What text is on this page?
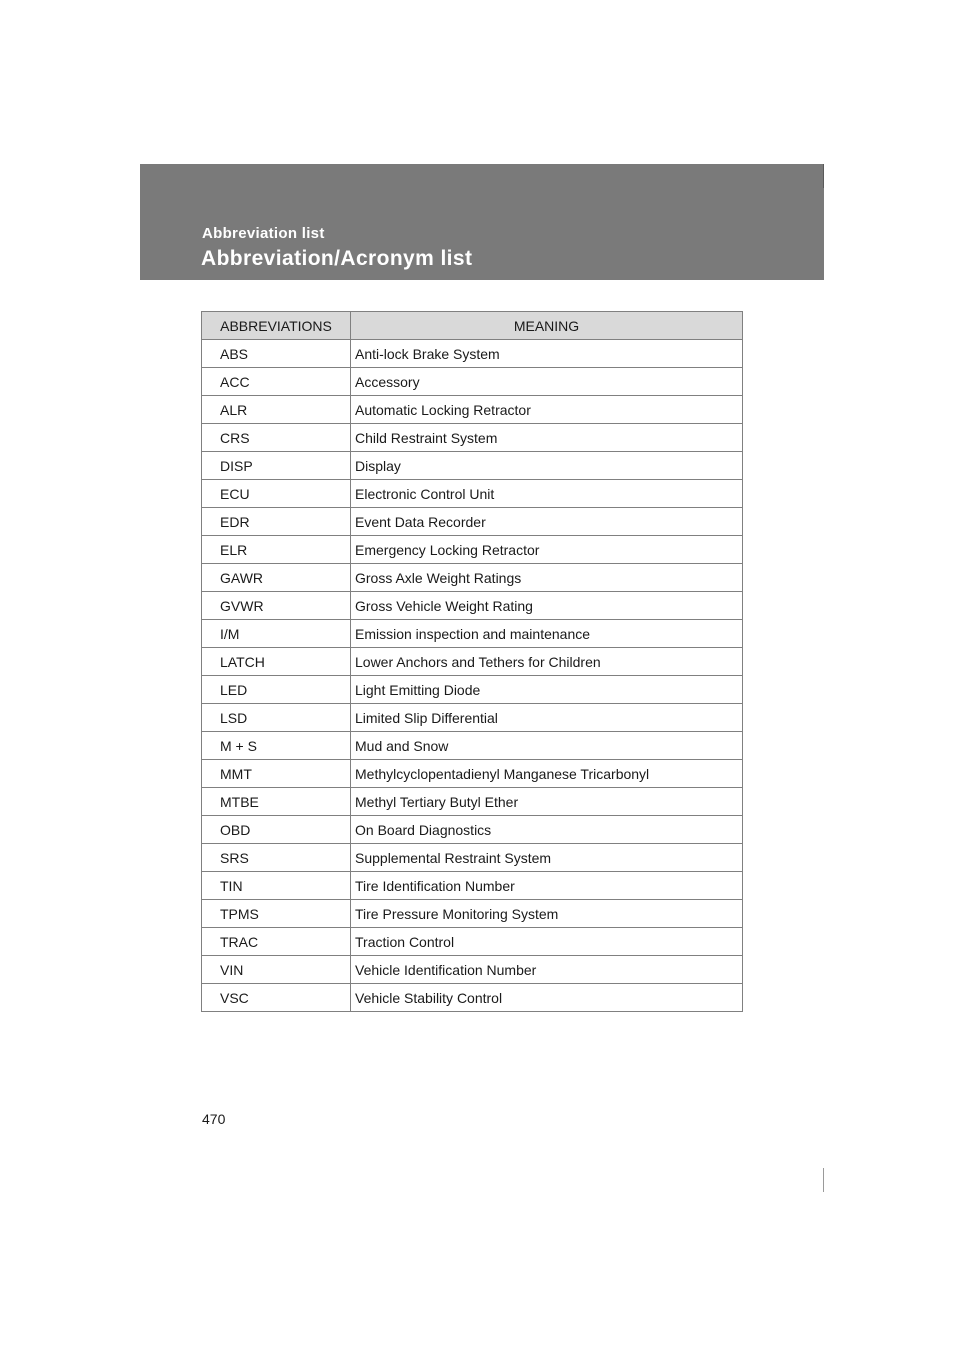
Abbreviation list
Abbreviation/Acronym list
ABBREVIATIONS	MEANING
ABS	Anti-lock Brake System
ACC	Accessory
ALR	Automatic Locking Retractor
CRS	Child Restraint System
DISP	Display
ECU	Electronic Control Unit
EDR	Event Data Recorder
ELR	Emergency Locking Retractor
GAWR	Gross Axle Weight Ratings
GVWR	Gross Vehicle Weight Rating
I/M	Emission inspection and maintenance
LATCH	Lower Anchors and Tethers for Children
LED	Light Emitting Diode
LSD	Limited Slip Differential
M + S	Mud and Snow
MMT	Methylcyclopentadienyl Manganese Tricarbonyl
MTBE	Methyl Tertiary Butyl Ether
OBD	On Board Diagnostics
SRS	Supplemental Restraint System
TIN	Tire Identification Number
TPMS	Tire Pressure Monitoring System
TRAC	Traction Control
VIN	Vehicle Identification Number
VSC	Vehicle Stability Control
470
